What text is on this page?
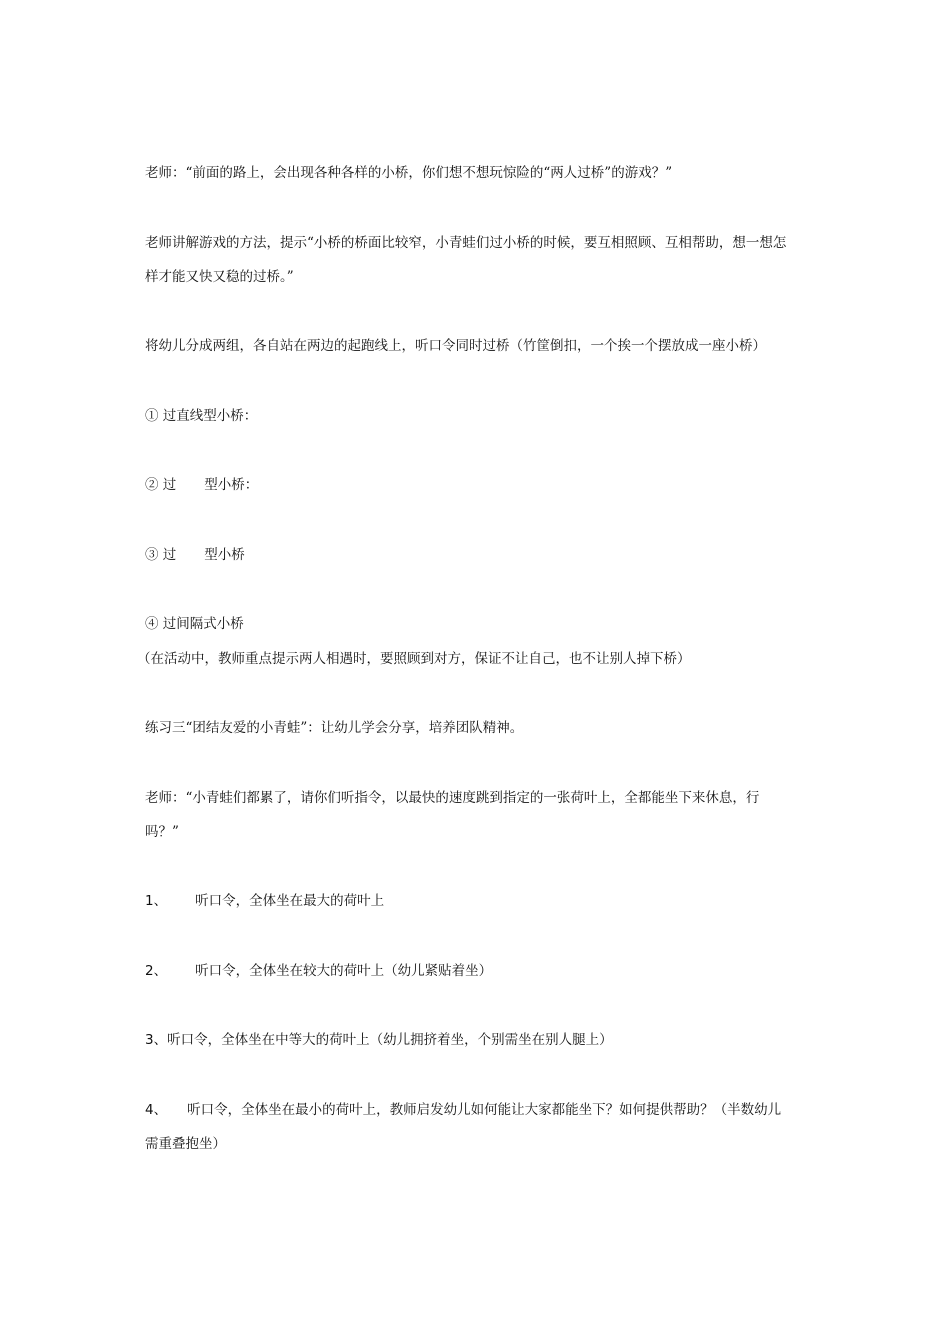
老师：“前面的路上，会出现各种各样的小桥，你们想不想玩惊险的“两人过桥”的游戏？”
老师讲解游戏的方法，提示“小桥的桥面比较窄，小青蛙们过小桥的时候，要互相照顾、互相帮助，想一想怎
样才能又快又稳的过桥。”
将幼儿分成两组，各自站在两边的起跑线上，听口令同时过桥（竹筐倒扣，一个挨一个摆放成一座小桥）
① 过直线型小桥：
② 过 型小桥：
③ 过 型小桥
④ 过间隔式小桥
（在活动中，教师重点提示两人相遇时，要照顾到对方，保证不让自己，也不让别人掉下桥）
练习三“团结友爱的小青蛙”：让幼儿学会分享，培养团队精神。
老师：“小青蛙们都累了，请你们听指令，以最快的速度跳到指定的一张荷叶上，全都能坐下来休息，行
吗？”
1、 听口令，全体坐在最大的荷叶上
2、 听口令，全体坐在较大的荷叶上（幼儿紧贴着坐）
3、听口令，全体坐在中等大的荷叶上（幼儿拥挤着坐，个别需坐在别人腿上）
4、 听口令，全体坐在最小的荷叶上，教师启发幼儿如何能让大家都能坐下？如何提供帮助？（半数幼儿
需重叠抱坐）
